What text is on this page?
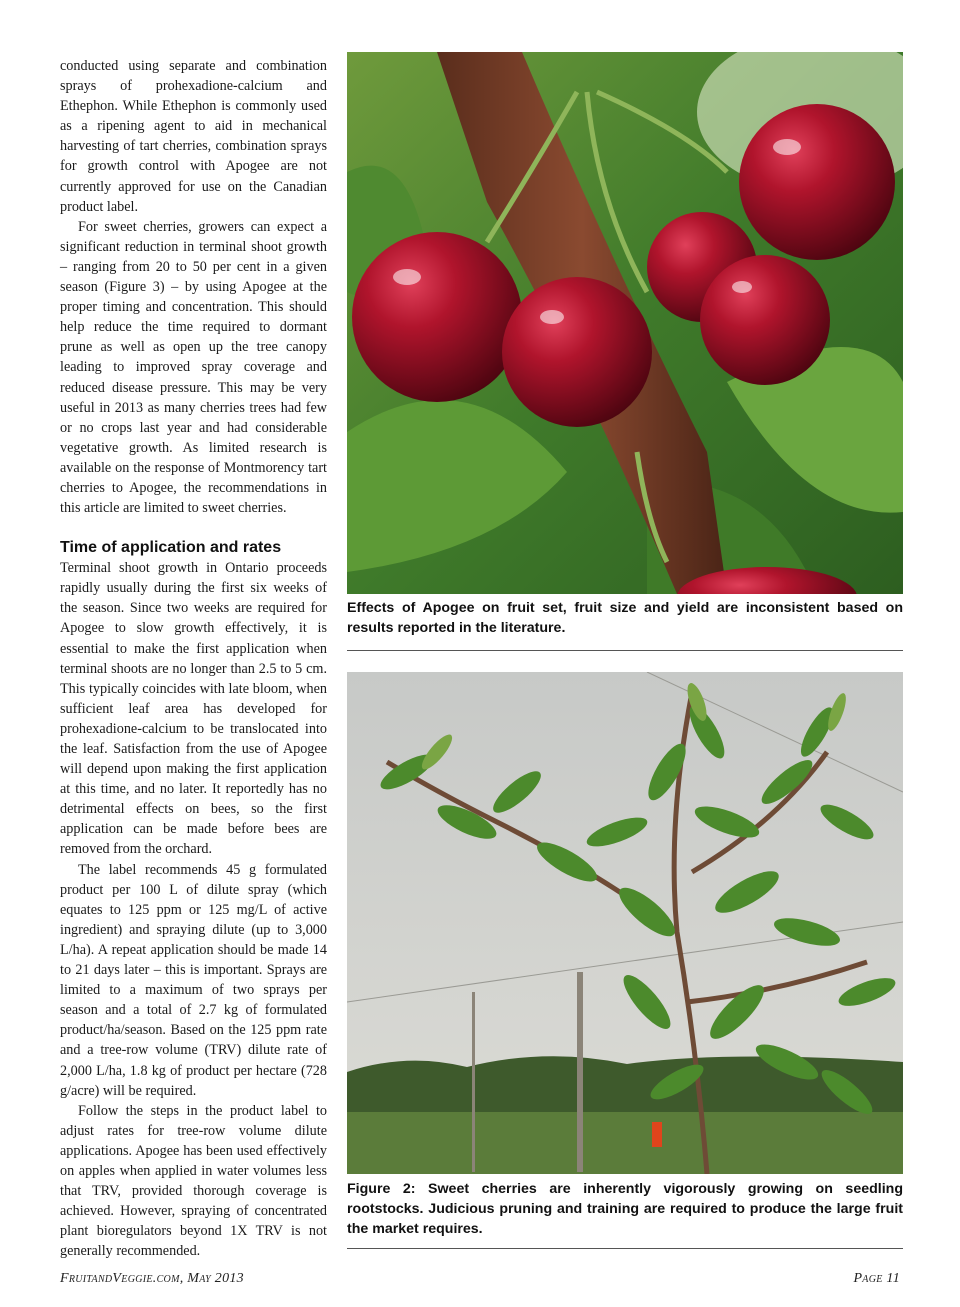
conducted using separate and combination sprays of prohexadione-calcium and Ethephon. While Ethephon is commonly used as a ripening agent to aid in mechanical harvesting of tart cherries, combination sprays for growth control with Apogee are not currently approved for use on the Canadian product label.

For sweet cherries, growers can expect a significant reduction in terminal shoot growth – ranging from 20 to 50 per cent in a given season (Figure 3) – by using Apogee at the proper timing and concentration. This should help reduce the time required to dormant prune as well as open up the tree canopy leading to improved spray coverage and reduced disease pressure. This may be very useful in 2013 as many cherries trees had few or no crops last year and had considerable vegetative growth. As limited research is available on the response of Montmorency tart cherries to Apogee, the recommendations in this article are limited to sweet cherries.

Time of application and rates

Terminal shoot growth in Ontario proceeds rapidly usually during the first six weeks of the season. Since two weeks are required for Apogee to slow growth effectively, it is essential to make the first application when terminal shoots are no longer than 2.5 to 5 cm. This typically coincides with late bloom, when sufficient leaf area has developed for prohexadione-calcium to be translocated into the leaf. Satisfaction from the use of Apogee will depend upon making the first application at this time, and no later. It reportedly has no detrimental effects on bees, so the first application can be made before bees are removed from the orchard.

The label recommends 45 g formulated product per 100 L of dilute spray (which equates to 125 ppm or 125 mg/L of active ingredient) and spraying dilute (up to 3,000 L/ha). A repeat application should be made 14 to 21 days later – this is important. Sprays are limited to a maximum of two sprays per season and a total of 2.7 kg of formulated product/ha/season. Based on the 125 ppm rate and a tree-row volume (TRV) dilute rate of 2,000 L/ha, 1.8 kg of product per hectare (728 g/acre) will be required.

Follow the steps in the product label to adjust rates for tree-row volume dilute applications. Apogee has been used effectively on apples when applied in water volumes less that TRV, provided thorough coverage is achieved. However, spraying of concentrated plant bioregulators beyond 1X TRV is not generally recommended.

Effects of Apogee on fruit set, fruit size and yield are inconsistent based on results reported in the literature.
Figure 2: Sweet cherries are inherently vigorously growing on seedling rootstocks. Judicious pruning and training are required to produce the large fruit the market requires.
FruitandVeggie.com, May 2013	Page 11
